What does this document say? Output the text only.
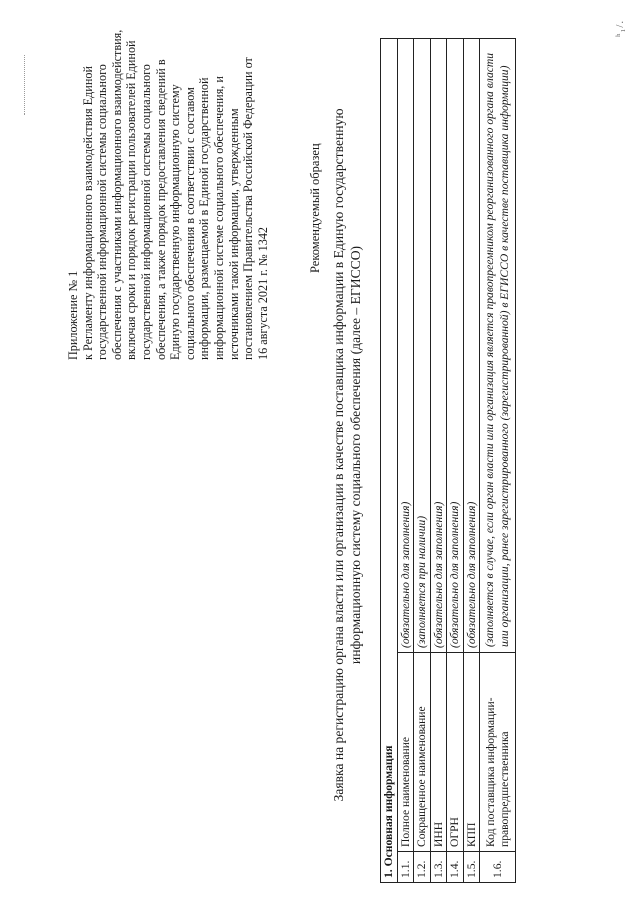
ʰ₁/.
Приложение № 1 к Регламенту информационного взаимодействия Единой государственной информационной системы социального обеспечения с участниками информационного взаимодействия, включая сроки и порядок регистрации пользователей Единой государственной информационной системы социального обеспечения, а также порядок предоставления сведений в Единую государственную информационную систему социального обеспечения в соответствии с составом информации, размещаемой в Единой государственной информационной системе социального обеспечения, и источниками такой информации, утвержденным постановлением Правительства Российской Федерации от 16 августа 2021 г. № 1342
Рекомендуемый образец Заявка на регистрацию органа власти или организации в качестве поставщика информации в Единую государственную информационную систему социального обеспечения (далее – ЕГИССО)
1. Основная информация		
1.1.	Полное наименование	(обязательно для заполнения)
1.2.	Сокращенное наименование	(заполняется при наличии)
1.3.	ИНН	(обязательно для заполнения)
1.4.	ОГРН	(обязательно для заполнения)
1.5.	КПП	(обязательно для заполнения)
1.6.	Код поставщика информации-правопредшественника	(заполняется в случае, если орган власти или организация является правопреемником реорганизованного органа власти или организации, ранее зарегистрированного (зарегистрированной) в ЕГИССО в качестве поставщика информации)
